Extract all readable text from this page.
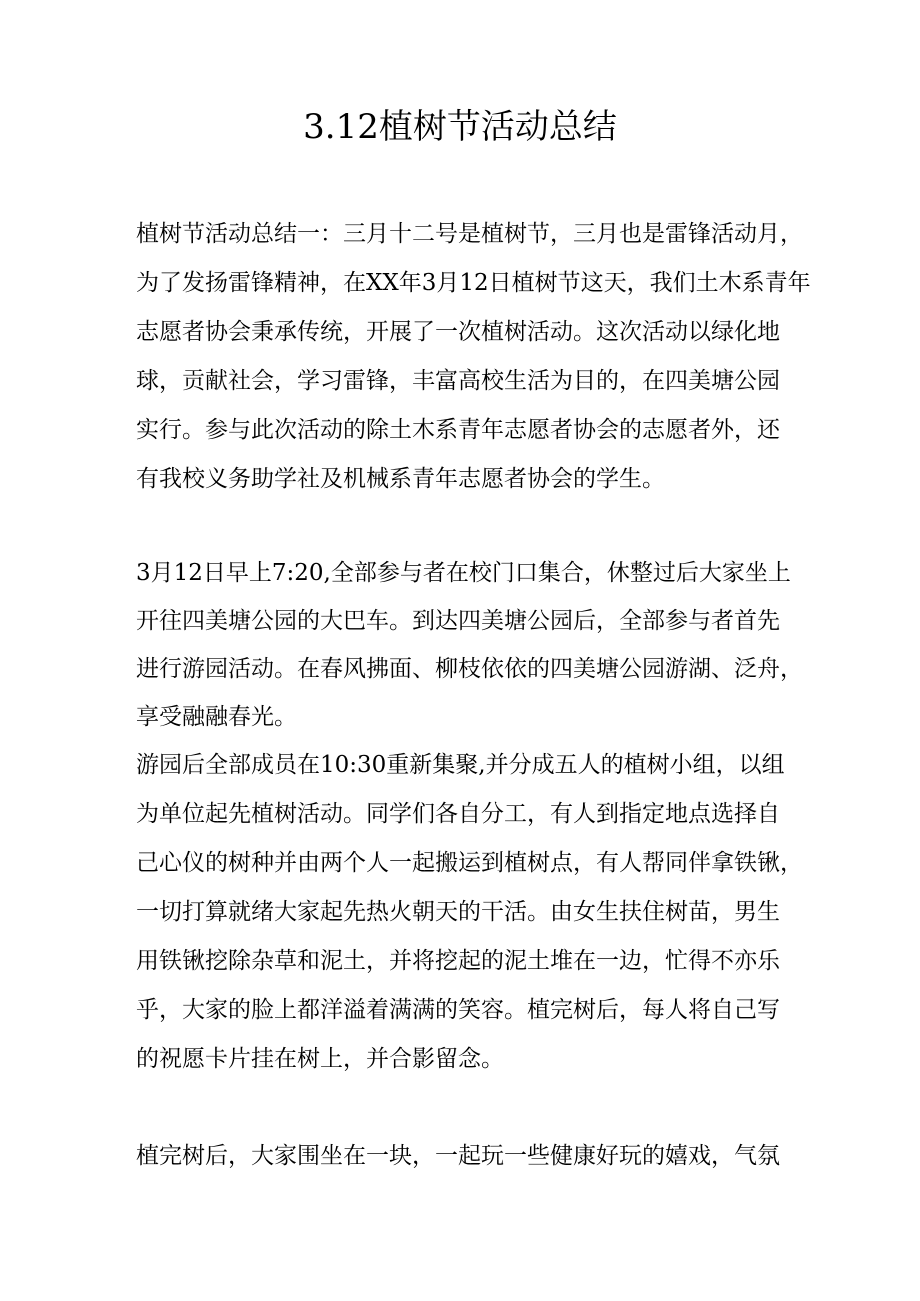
3.12植树节活动总结

植树节活动总结一：三月十二号是植树节，三月也是雷锋活动月，

为了发扬雷锋精神，在XX年3月12日植树节这天，我们土木系青年

志愿者协会秉承传统，开展了一次植树活动。这次活动以绿化地

球，贡献社会，学习雷锋，丰富高校生活为目的，在四美塘公园

实行。参与此次活动的除土木系青年志愿者协会的志愿者外，还

有我校义务助学社及机械系青年志愿者协会的学生。

3月12日早上7:20,全部参与者在校门口集合，休整过后大家坐上

开往四美塘公园的大巴车。到达四美塘公园后，全部参与者首先

进行游园活动。在春风拂面、柳枝依依的四美塘公园游湖、泛舟，

享受融融春光。

游园后全部成员在10:30重新集聚,并分成五人的植树小组，以组

为单位起先植树活动。同学们各自分工，有人到指定地点选择自

己心仪的树种并由两个人一起搬运到植树点，有人帮同伴拿铁锹，

一切打算就绪大家起先热火朝天的干活。由女生扶住树苗，男生

用铁锹挖除杂草和泥土，并将挖起的泥土堆在一边，忙得不亦乐

乎，大家的脸上都洋溢着满满的笑容。植完树后，每人将自己写

的祝愿卡片挂在树上，并合影留念。

植完树后，大家围坐在一块，一起玩一些健康好玩的嬉戏，气氛
